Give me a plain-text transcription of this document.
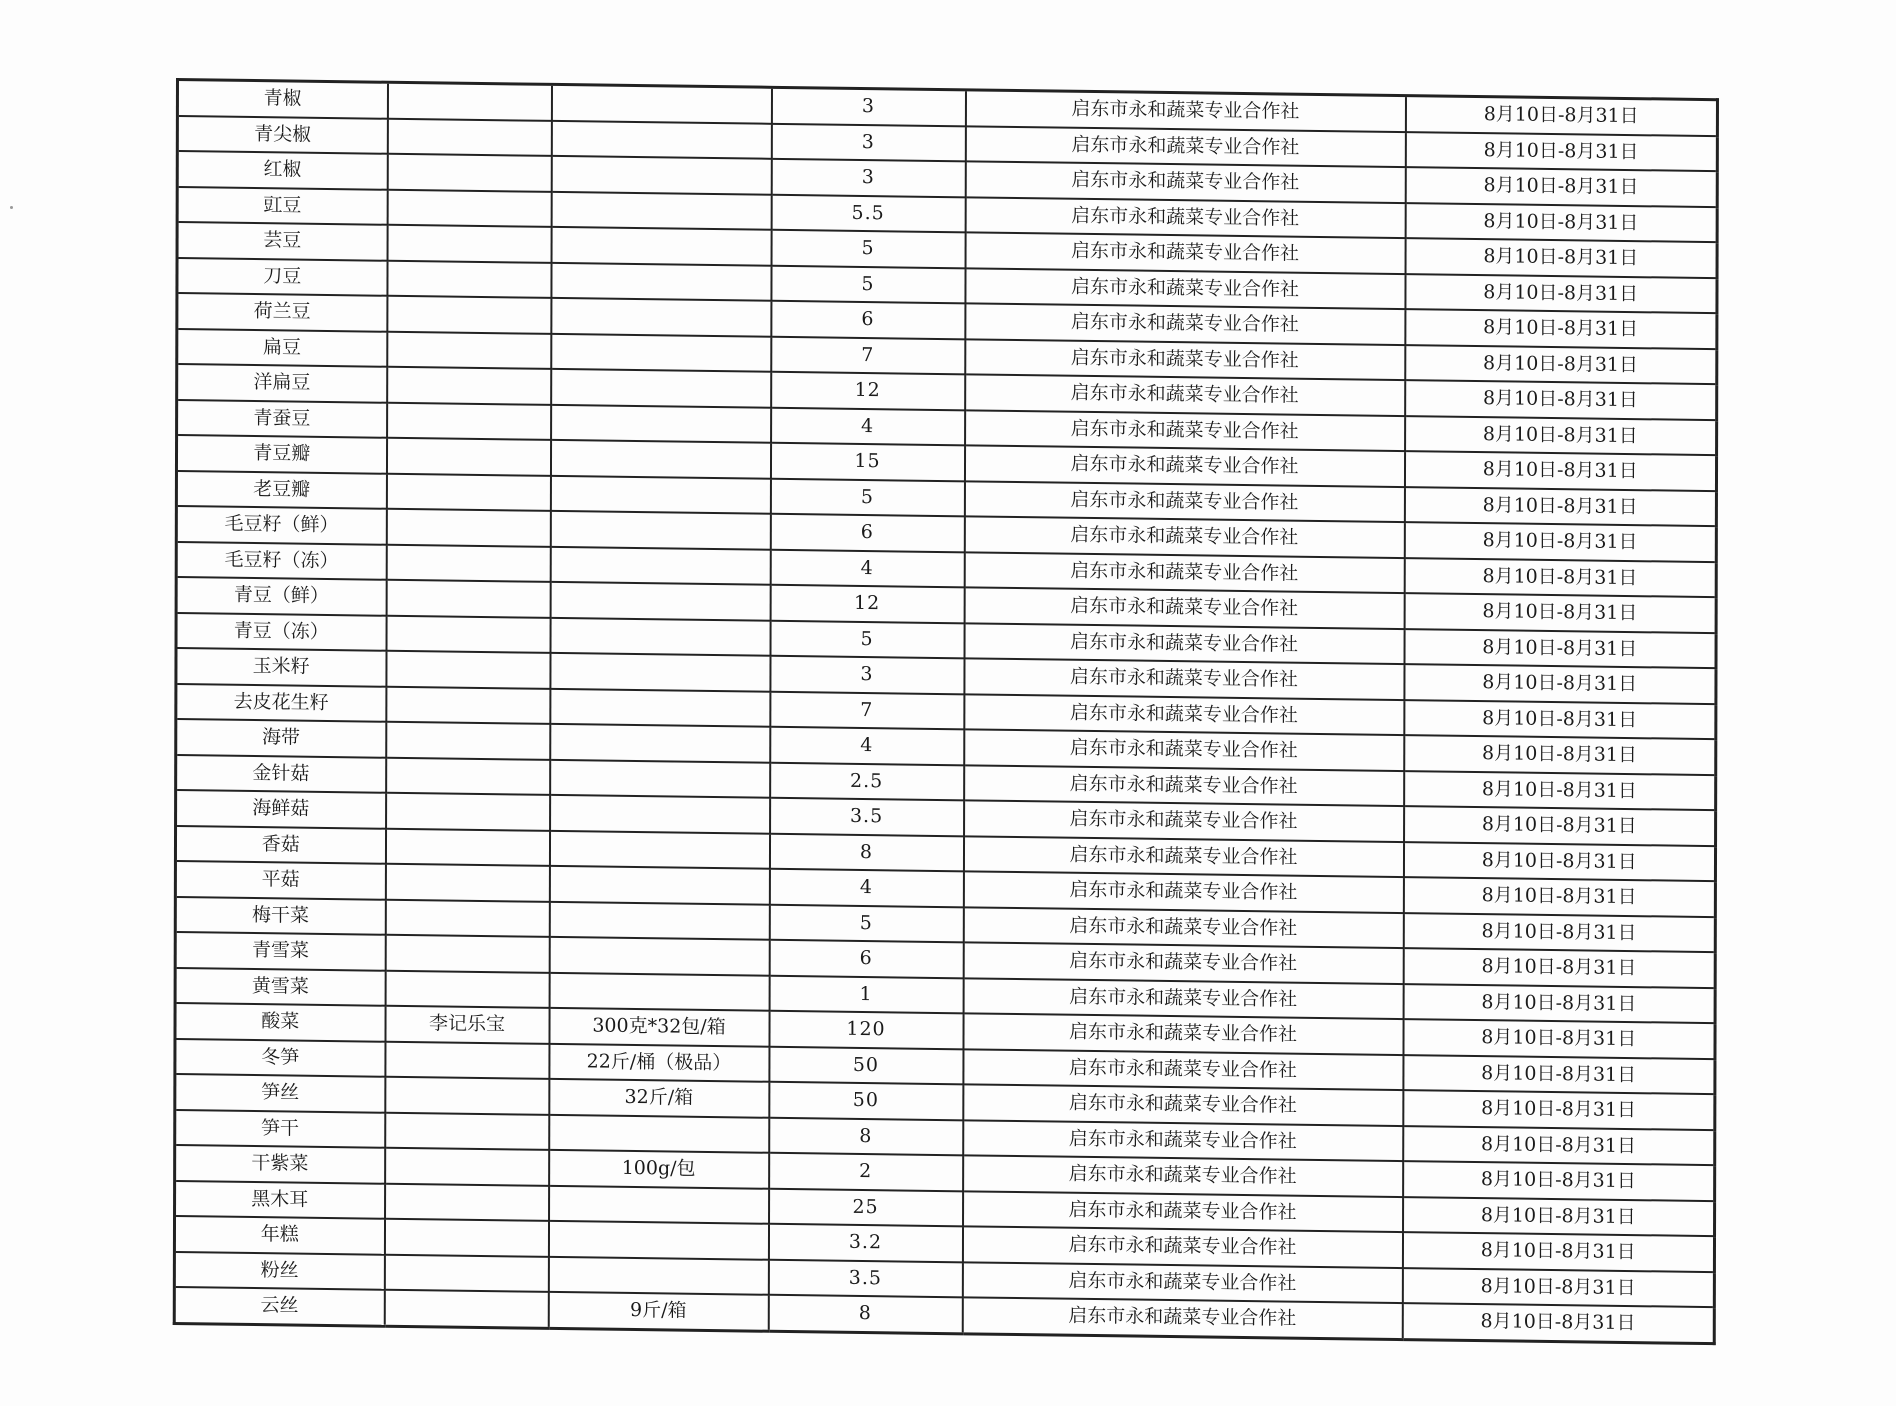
青椒			3	启东市永和蔬菜专业合作社	8月10日-8月31日
青尖椒			3	启东市永和蔬菜专业合作社	8月10日-8月31日
红椒			3	启东市永和蔬菜专业合作社	8月10日-8月31日
豇豆			5.5	启东市永和蔬菜专业合作社	8月10日-8月31日
芸豆			5	启东市永和蔬菜专业合作社	8月10日-8月31日
刀豆			5	启东市永和蔬菜专业合作社	8月10日-8月31日
荷兰豆			6	启东市永和蔬菜专业合作社	8月10日-8月31日
扁豆			7	启东市永和蔬菜专业合作社	8月10日-8月31日
洋扁豆			12	启东市永和蔬菜专业合作社	8月10日-8月31日
青蚕豆			4	启东市永和蔬菜专业合作社	8月10日-8月31日
青豆瓣			15	启东市永和蔬菜专业合作社	8月10日-8月31日
老豆瓣			5	启东市永和蔬菜专业合作社	8月10日-8月31日
毛豆籽（鲜）			6	启东市永和蔬菜专业合作社	8月10日-8月31日
毛豆籽（冻）			4	启东市永和蔬菜专业合作社	8月10日-8月31日
青豆（鲜）			12	启东市永和蔬菜专业合作社	8月10日-8月31日
青豆（冻）			5	启东市永和蔬菜专业合作社	8月10日-8月31日
玉米籽			3	启东市永和蔬菜专业合作社	8月10日-8月31日
去皮花生籽			7	启东市永和蔬菜专业合作社	8月10日-8月31日
海带			4	启东市永和蔬菜专业合作社	8月10日-8月31日
金针菇			2.5	启东市永和蔬菜专业合作社	8月10日-8月31日
海鲜菇			3.5	启东市永和蔬菜专业合作社	8月10日-8月31日
香菇			8	启东市永和蔬菜专业合作社	8月10日-8月31日
平菇			4	启东市永和蔬菜专业合作社	8月10日-8月31日
梅干菜			5	启东市永和蔬菜专业合作社	8月10日-8月31日
青雪菜			6	启东市永和蔬菜专业合作社	8月10日-8月31日
黄雪菜			1	启东市永和蔬菜专业合作社	8月10日-8月31日
酸菜	李记乐宝	300克*32包/箱	120	启东市永和蔬菜专业合作社	8月10日-8月31日
冬笋		22斤/桶（极品）	50	启东市永和蔬菜专业合作社	8月10日-8月31日
笋丝		32斤/箱	50	启东市永和蔬菜专业合作社	8月10日-8月31日
笋干			8	启东市永和蔬菜专业合作社	8月10日-8月31日
干紫菜		100g/包	2	启东市永和蔬菜专业合作社	8月10日-8月31日
黑木耳			25	启东市永和蔬菜专业合作社	8月10日-8月31日
年糕			3.2	启东市永和蔬菜专业合作社	8月10日-8月31日
粉丝			3.5	启东市永和蔬菜专业合作社	8月10日-8月31日
云丝		9斤/箱	8	启东市永和蔬菜专业合作社	8月10日-8月31日
